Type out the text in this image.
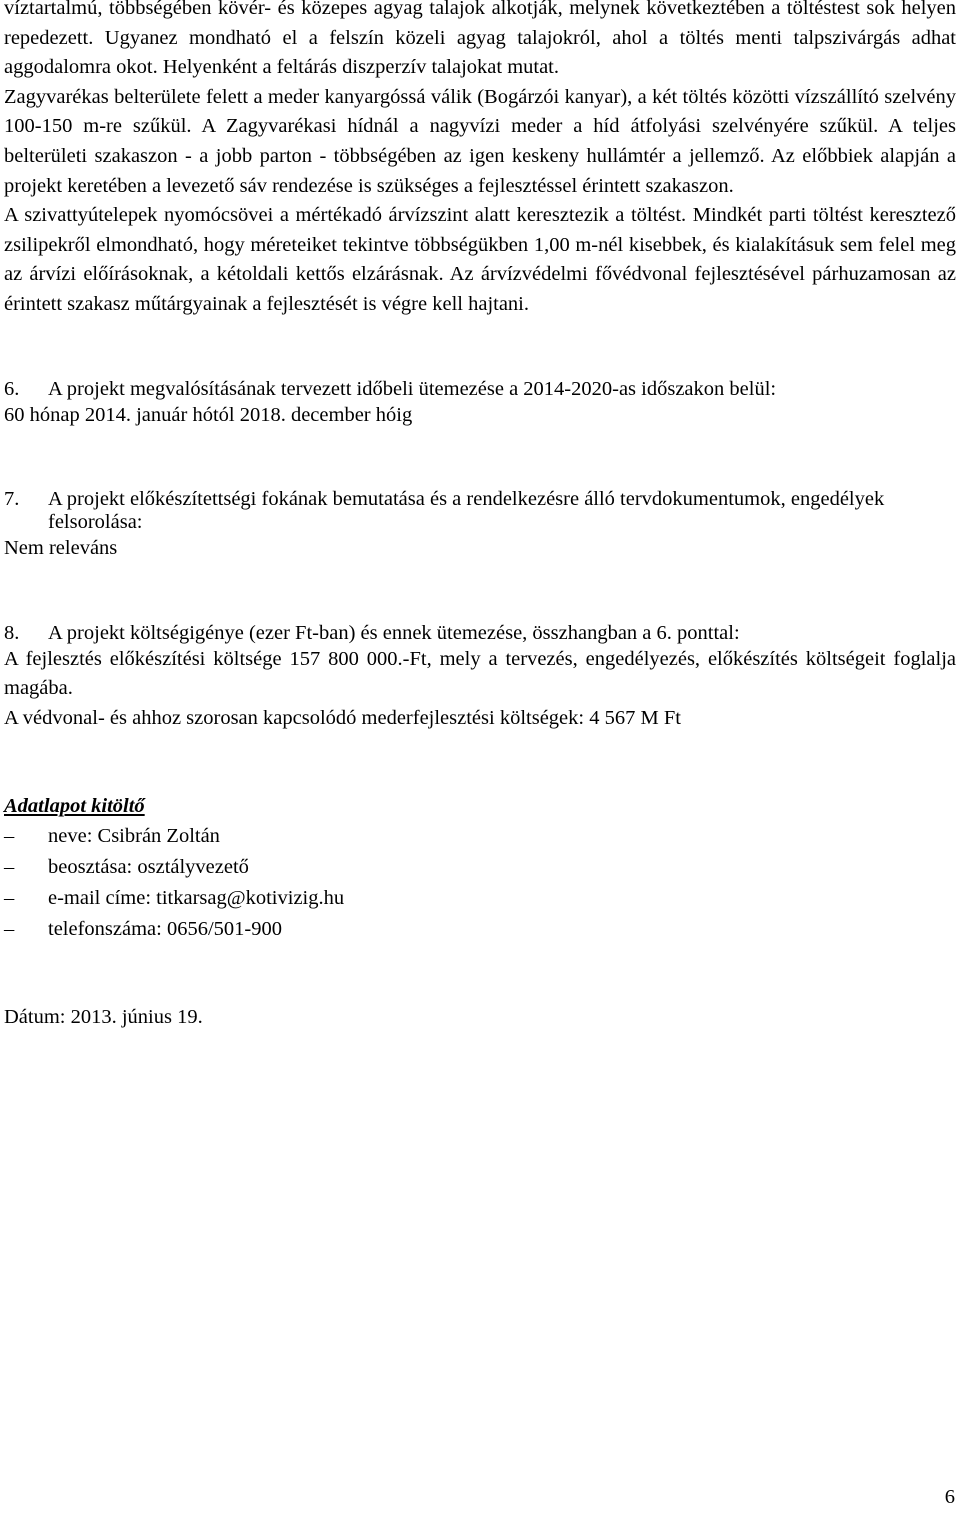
víztartalmú, többségében kövér- és közepes agyag talajok alkotják, melynek következtében a töltéstest sok helyen repedezett. Ugyanez mondható el a felszín közeli agyag talajokról, ahol a töltés menti talpszivárgás adhat aggodalomra okot. Helyenként a feltárás diszperzív talajokat mutat.

Zagyvarékas belterülete felett a meder kanyargóssá válik (Bogárzói kanyar), a két töltés közötti vízszállító szelvény 100-150 m-re szűkül. A Zagyvarékasi hídnál a nagyvízi meder a híd átfolyási szelvényére szűkül. A teljes belterületi szakaszon - a jobb parton - többségében az igen keskeny hullámtér a jellemző. Az előbbiek alapján a projekt keretében a levezető sáv rendezése is szükséges a fejlesztéssel érintett szakaszon.

A szivattyútelepek nyomócsövei a mértékadó árvízszint alatt keresztezik a töltést. Mindkét parti töltést keresztező zsilipekről elmondható, hogy méreteiket tekintve többségükben 1,00 m-nél kisebbek, és kialakításuk sem felel meg az árvízi előírásoknak, a kétoldali kettős elzárásnak. Az árvízvédelmi fővédvonal fejlesztésével párhuzamosan az érintett szakasz műtárgyainak a fejlesztését is végre kell hajtani.

6.	A projekt megvalósításának tervezett időbeli ütemezése a 2014-2020-as időszakon belül:

60 hónap 2014. január hótól 2018. december hóig

7.	A projekt előkészítettségi fokának bemutatása és a rendelkezésre álló tervdokumentumok, engedélyek felsorolása:

Nem releváns

8.	A projekt költségigénye (ezer Ft-ban) és ennek ütemezése, összhangban a 6. ponttal:

A fejlesztés előkészítési költsége 157 800 000.-Ft, mely a tervezés, engedélyezés, előkészítés költségeit foglalja magába.

A védvonal- és ahhoz szorosan kapcsolódó mederfejlesztési költségek: 4 567 M Ft

Adatlapot kitöltő

–	neve: Csibrán Zoltán
–	beosztása: osztályvezető
–	e-mail címe: titkarsag@kotivizig.hu
–	telefonszáma: 0656/501-900

Dátum: 2013. június 19.

6
